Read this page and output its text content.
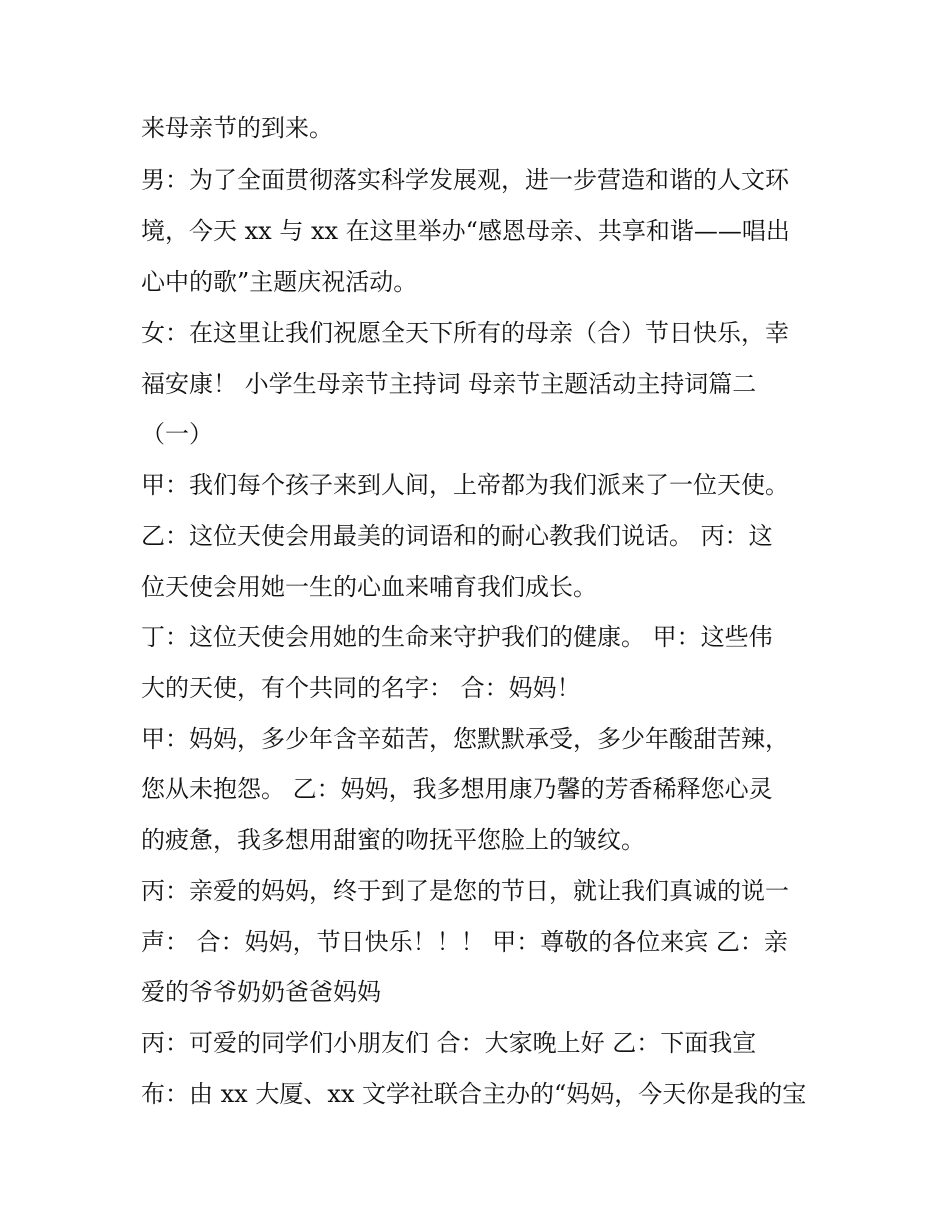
来母亲节的到来。
男：为了全面贯彻落实科学发展观，进一步营造和谐的人文环
境，今天 xx 与 xx 在这里举办“感恩母亲、共享和谐——唱出
心中的歌”主题庆祝活动。
女：在这里让我们祝愿全天下所有的母亲（合）节日快乐，幸
福安康！ 小学生母亲节主持词 母亲节主题活动主持词篇二
（一）
甲：我们每个孩子来到人间，上帝都为我们派来了一位天使。
乙：这位天使会用最美的词语和的耐心教我们说话。 丙：这
位天使会用她一生的心血来哺育我们成长。
丁：这位天使会用她的生命来守护我们的健康。 甲：这些伟
大的天使，有个共同的名字： 合：妈妈！
甲：妈妈，多少年含辛茹苦，您默默承受，多少年酸甜苦辣，
您从未抱怨。 乙：妈妈，我多想用康乃馨的芳香稀释您心灵
的疲惫，我多想用甜蜜的吻抚平您脸上的皱纹。
丙：亲爱的妈妈，终于到了是您的节日，就让我们真诚的说一
声： 合：妈妈，节日快乐！！！ 甲：尊敬的各位来宾 乙：亲
爱的爷爷奶奶爸爸妈妈
丙：可爱的同学们小朋友们 合：大家晚上好 乙：下面我宣
布：由 xx 大厦、xx 文学社联合主办的“妈妈，今天你是我的宝
